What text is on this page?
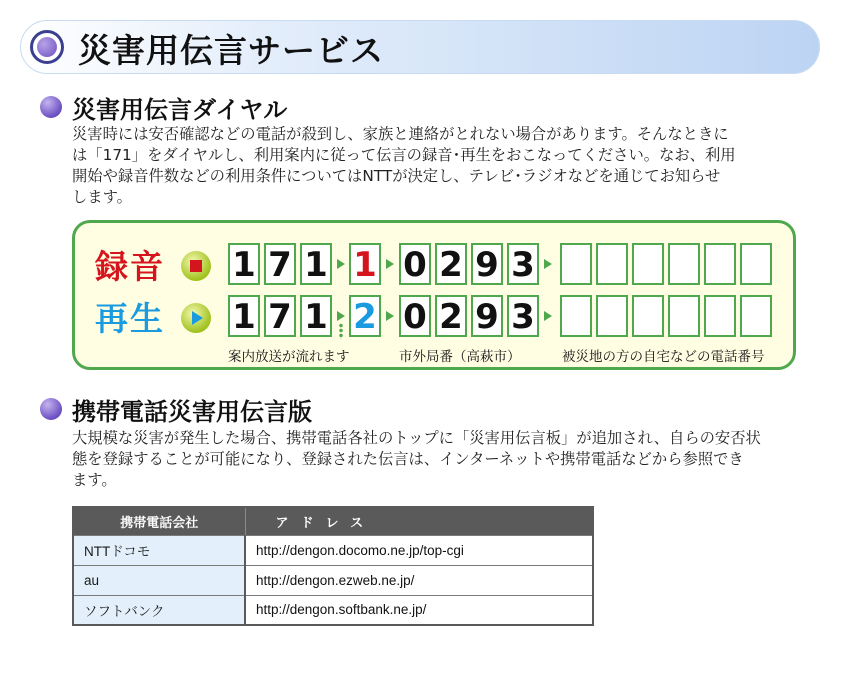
災害用伝言サービス
災害用伝言ダイヤル
災害時には安否確認などの電話が殺到し、家族と連絡がとれない場合があります。そんなときに
は「171」をダイヤルし、利用案内に従って伝言の録音･再生をおこなってください。なお、利用
開始や録音件数などの利用条件についてはNTTが決定し、テレビ･ラジオなどを通じてお知らせ
します。
録音 1 7 1 1 0 2 9 3
再生 1 7 1 2 0 2 9 3
案内放送が流れます	市外局番（高萩市）	被災地の方の自宅などの電話番号
携帯電話災害用伝言版
大規模な災害が発生した場合、携帯電話各社のトップに「災害用伝言板」が追加され、自らの安否状
態を登録することが可能になり、登録された伝言は、インターネットや携帯電話などから参照でき
ます。
携帯電話会社	アドレス
NTTドコモ	http://dengon.docomo.ne.jp/top-cgi
au	http://dengon.ezweb.ne.jp/
ソフトバンク	http://dengon.softbank.ne.jp/
